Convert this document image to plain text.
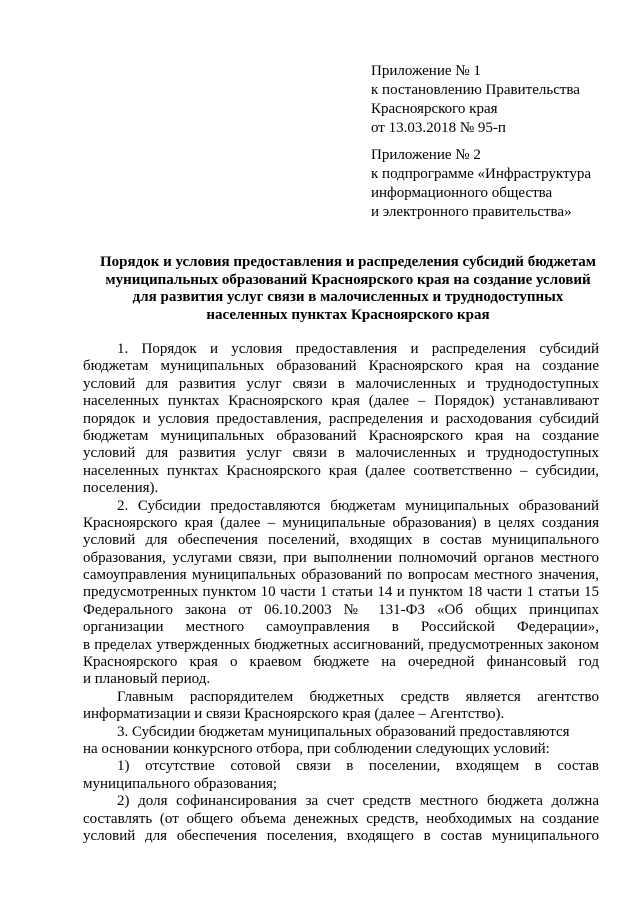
Приложение № 1
к постановлению Правительства
Красноярского края
от 13.03.2018 № 95-п
Приложение № 2
к подпрограмме «Инфраструктура
информационного общества
и электронного правительства»
Порядок и условия предоставления и распределения субсидий бюджетам
муниципальных образований Красноярского края на создание условий
для развития услуг связи в малочисленных и труднодоступных
населенных пунктах Красноярского края
1. Порядок и условия предоставления и распределения субсидий
бюджетам муниципальных образований Красноярского края на создание
условий для развития услуг связи в малочисленных и труднодоступных
населенных пунктах Красноярского края (далее – Порядок) устанавливают
порядок и условия предоставления, распределения и расходования субсидий
бюджетам муниципальных образований Красноярского края на создание
условий для развития услуг связи в малочисленных и труднодоступных
населенных пунктах Красноярского края (далее соответственно – субсидии,
поселения).
2. Субсидии предоставляются бюджетам муниципальных образований
Красноярского края (далее – муниципальные образования) в целях создания
условий для обеспечения поселений, входящих в состав муниципального
образования, услугами связи, при выполнении полномочий органов местного
самоуправления муниципальных образований по вопросам местного значения,
предусмотренных пунктом 10 части 1 статьи 14 и пунктом 18 части 1 статьи 15
Федерального закона от 06.10.2003 № 131-ФЗ «Об общих принципах
организации местного самоуправления в Российской Федерации»,
в пределах утвержденных бюджетных ассигнований, предусмотренных законом
Красноярского края о краевом бюджете на очередной финансовый год
и плановый период.
Главным распорядителем бюджетных средств является агентство
информатизации и связи Красноярского края (далее – Агентство).
3. Субсидии бюджетам муниципальных образований предоставляются
на основании конкурсного отбора, при соблюдении следующих условий:
1) отсутствие сотовой связи в поселении, входящем в состав
муниципального образования;
2) доля софинансирования за счет средств местного бюджета должна
составлять (от общего объема денежных средств, необходимых на создание
условий для обеспечения поселения, входящего в состав муниципального
